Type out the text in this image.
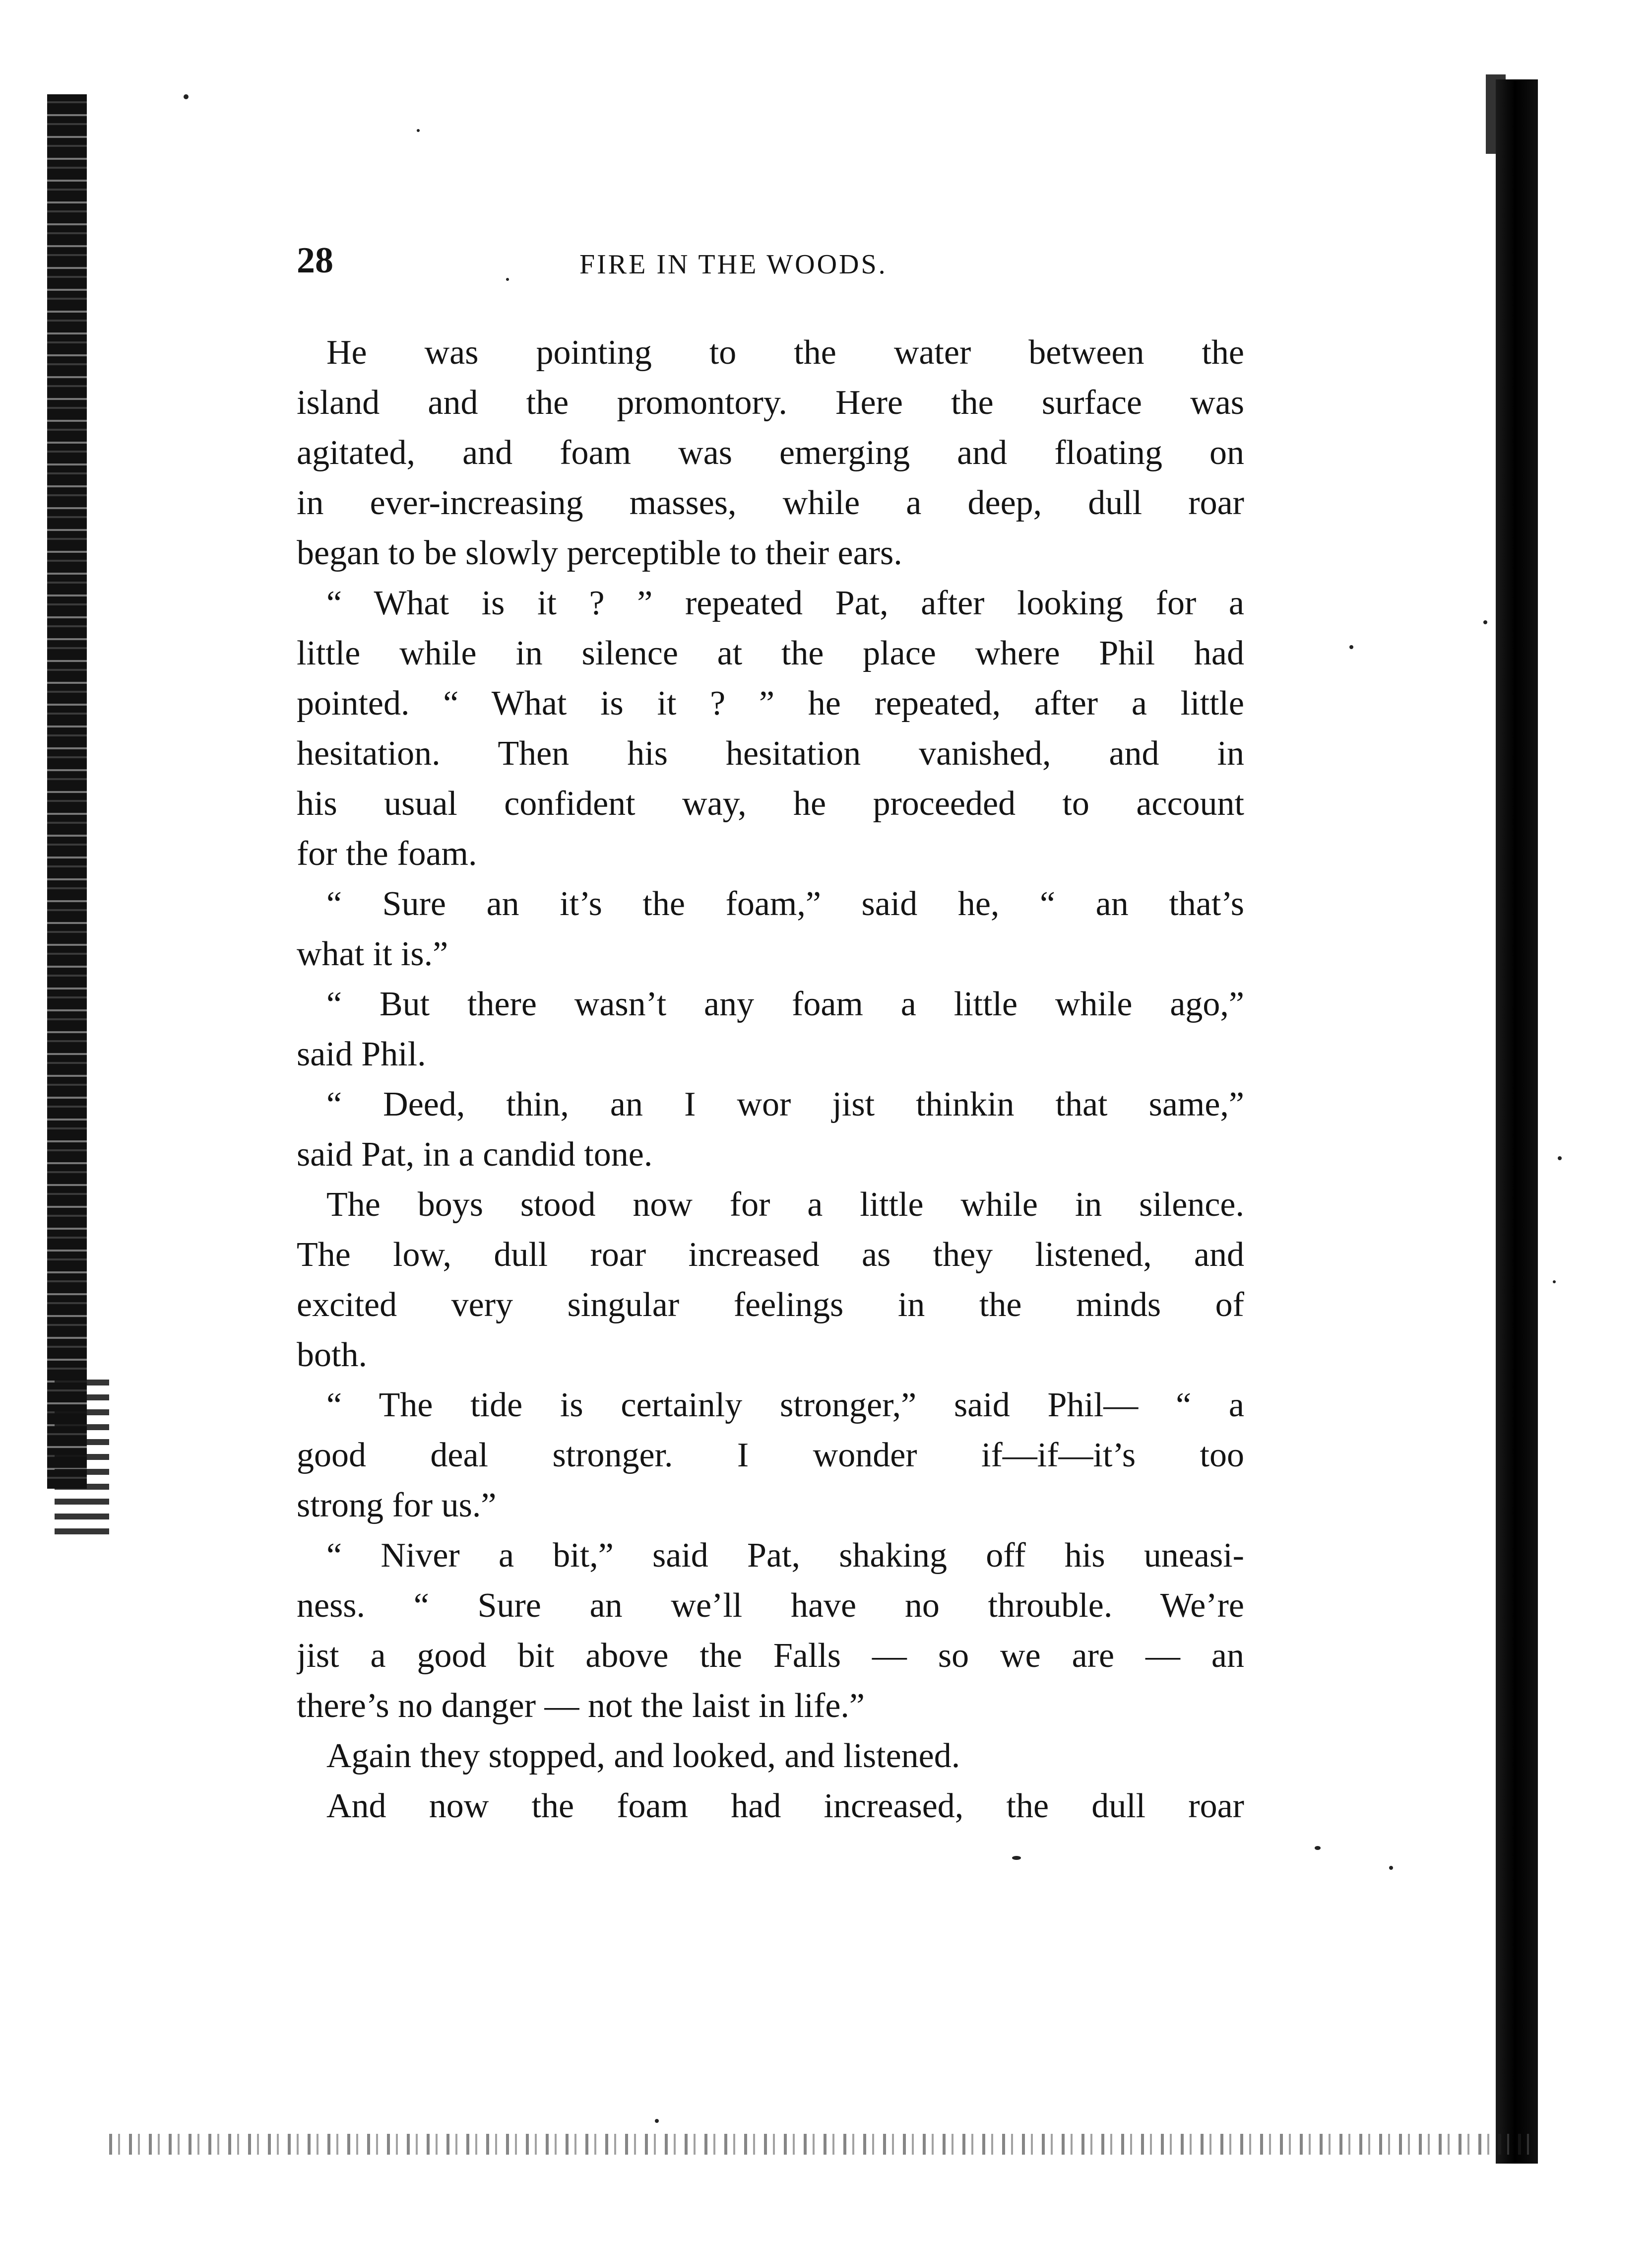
28	FIRE IN THE WOODS.
He was pointing to the water between the
island and the promontory. Here the surface was
agitated, and foam was emerging and floating on
in ever-increasing masses, while a deep, dull roar
began to be slowly perceptible to their ears.
“ What is it ? ” repeated Pat, after looking for a
little while in silence at the place where Phil had
pointed. “ What is it ? ” he repeated, after a little
hesitation. Then his hesitation vanished, and in
his usual confident way, he proceeded to account
for the foam.
“ Sure an it’s the foam,” said he, “ an that’s
what it is.”
“ But there wasn’t any foam a little while ago,”
said Phil.
“ Deed, thin, an I wor jist thinkin that same,”
said Pat, in a candid tone.
The boys stood now for a little while in silence.
The low, dull roar increased as they listened, and
excited very singular feelings in the minds of
both.
“ The tide is certainly stronger,” said Phil— “ a
good deal stronger. I wonder if—if—it’s too
strong for us.”
“ Niver a bit,” said Pat, shaking off his uneasi-
ness. “ Sure an we’ll have no throuble. We’re
jist a good bit above the Falls — so we are — an
there’s no danger — not the laist in life.”
Again they stopped, and looked, and listened.
And now the foam had increased, the dull roar
